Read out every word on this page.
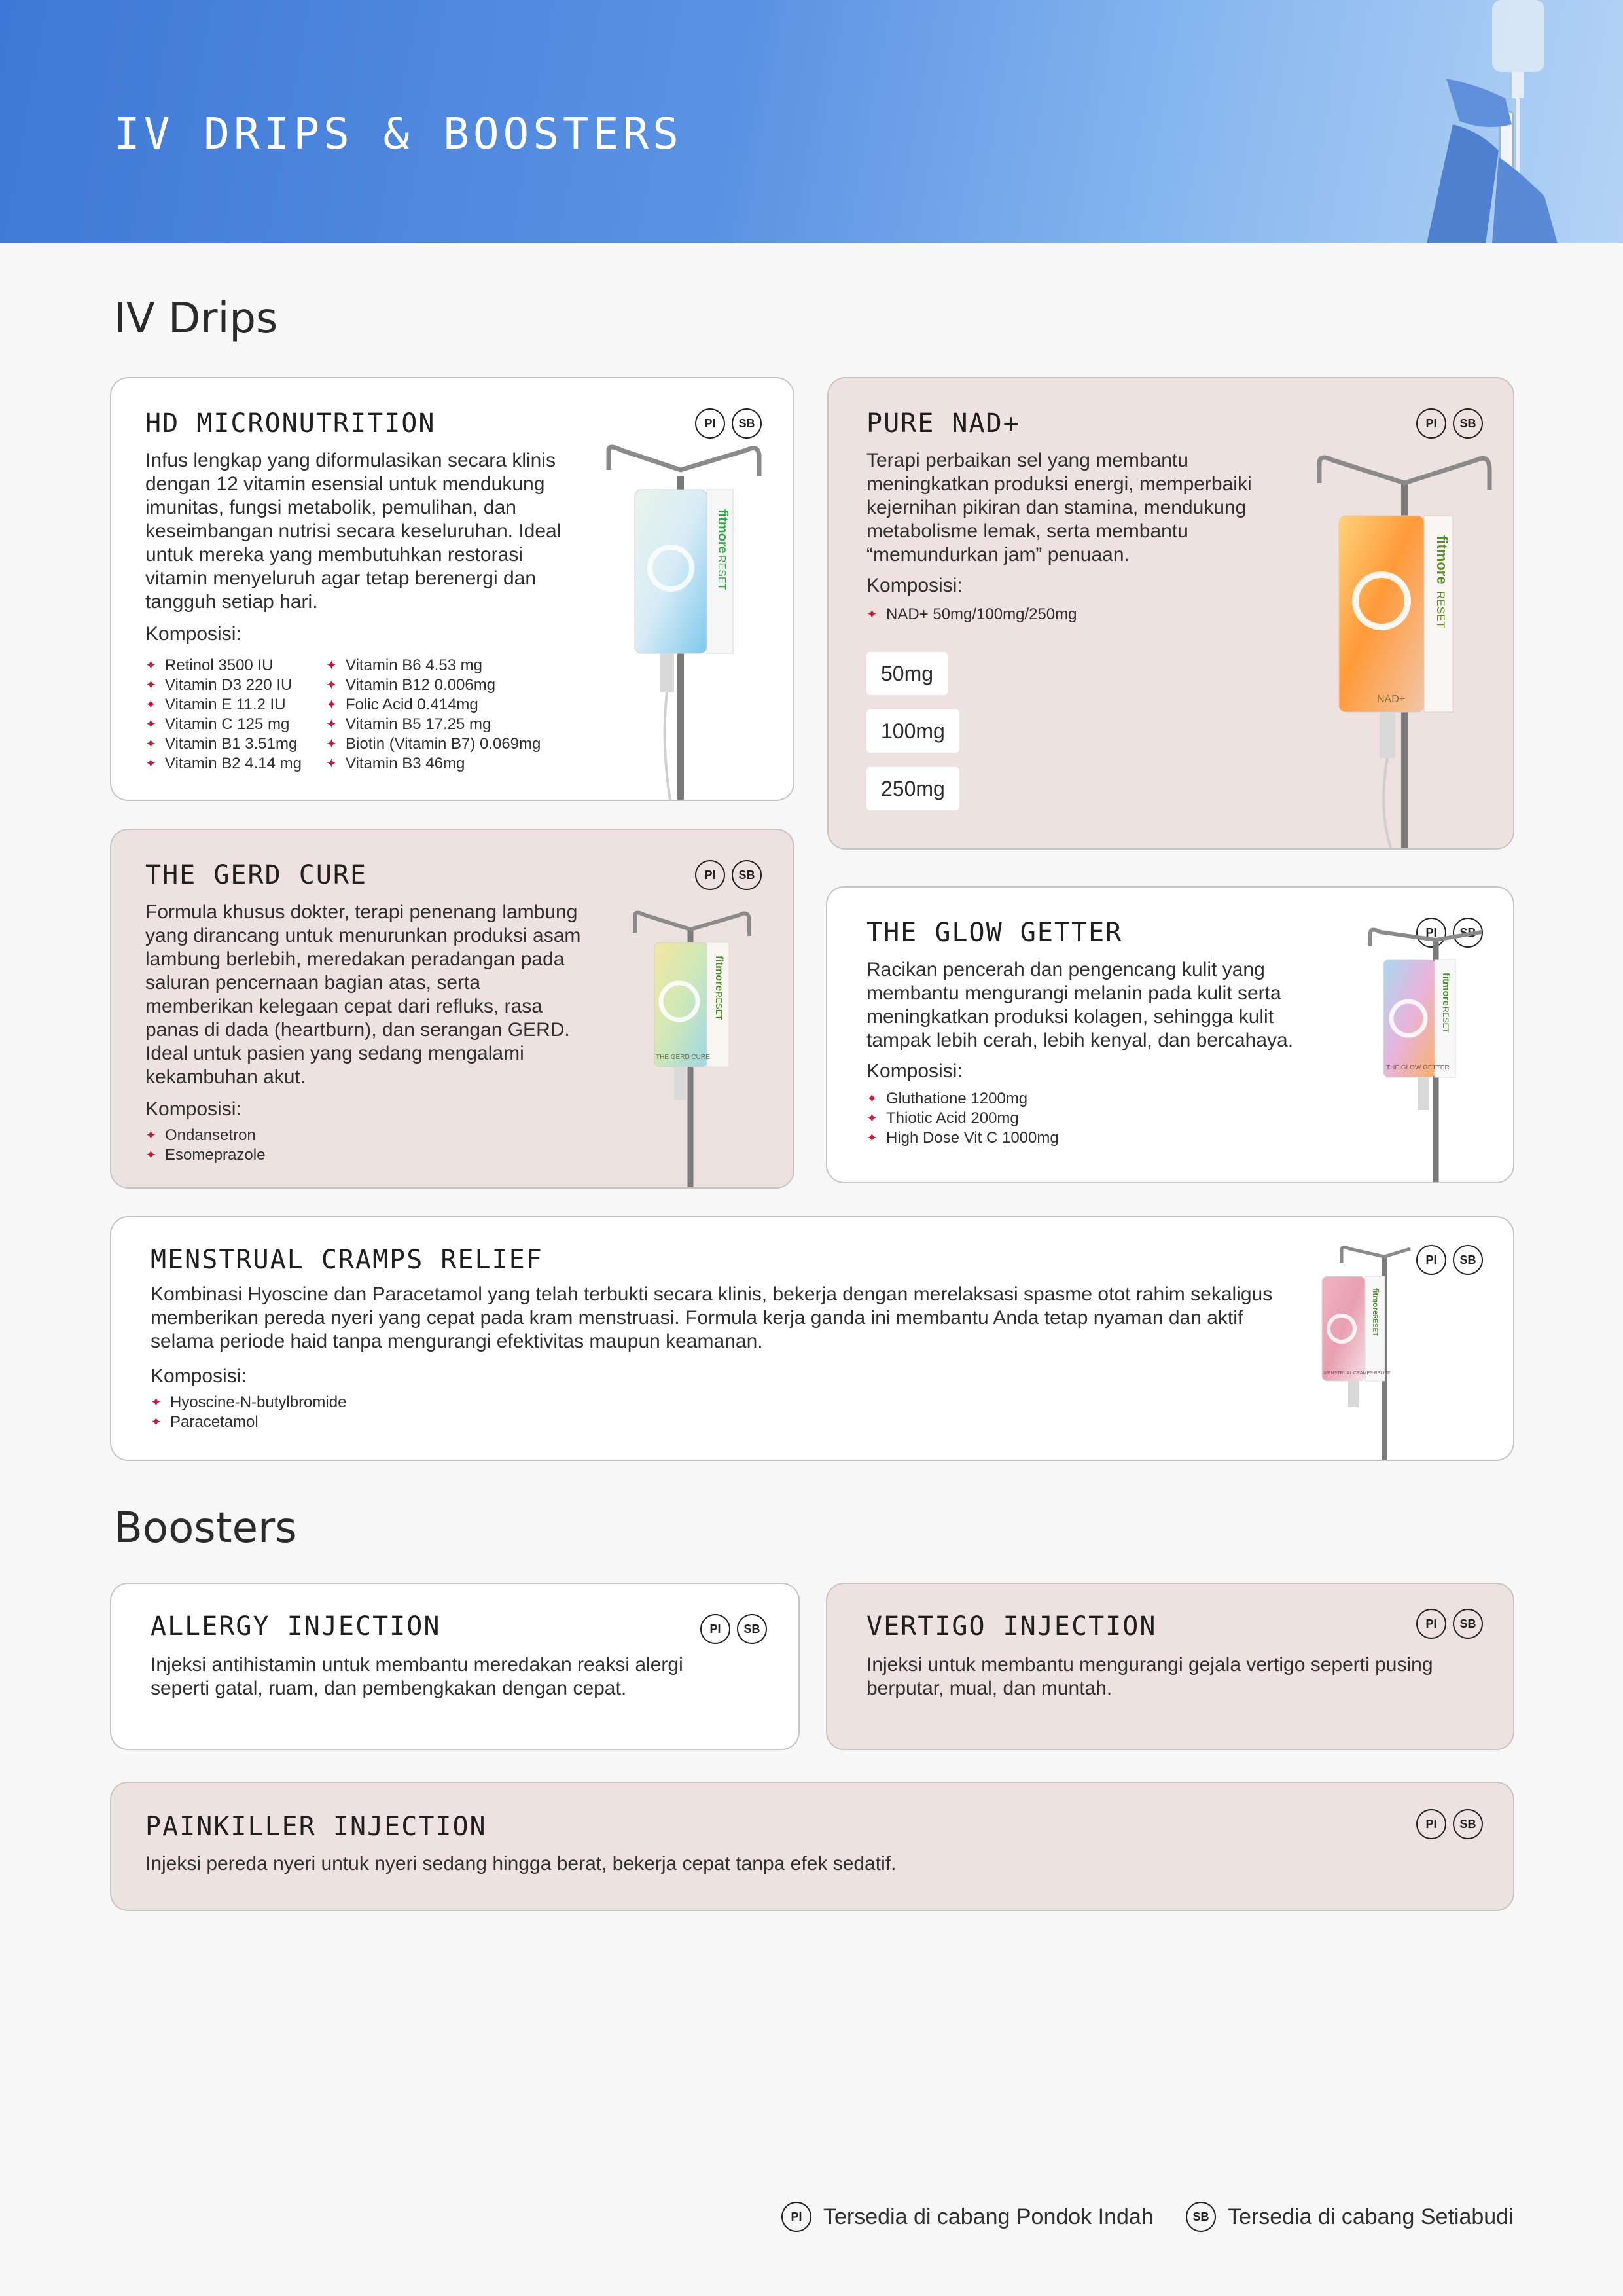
IV DRIPS & BOOSTERS
IV Drips
HD MICRONUTRITION	PI	SB
Infus lengkap yang diformulasikan secara klinis dengan 12 vitamin esensial untuk mendukung imunitas, fungsi metabolik, pemulihan, dan keseimbangan nutrisi secara keseluruhan. Ideal untuk mereka yang membutuhkan restorasi vitamin menyeluruh agar tetap berenergi dan tangguh setiap hari.
Komposisi:
✦ Retinol 3500 IU
✦ Vitamin D3 220 IU
✦ Vitamin E 11.2 IU
✦ Vitamin C 125 mg
✦ Vitamin B1 3.51mg
✦ Vitamin B2 4.14 mg
✦ Vitamin B6 4.53 mg
✦ Vitamin B12 0.006mg
✦ Folic Acid 0.414mg
✦ Vitamin B5 17.25 mg
✦ Biotin (Vitamin B7) 0.069mg
✦ Vitamin B3 46mg
fitmore
RESET
PURE NAD+	PI	SB
Terapi perbaikan sel yang membantu meningkatkan produksi energi, memperbaiki kejernihan pikiran dan stamina, mendukung metabolisme lemak, serta membantu “memundurkan jam” penuaan.
Komposisi:
✦ NAD+ 50mg/100mg/250mg
50mg
100mg
250mg
fitmore
RESET
NAD+
THE GERD CURE	PI	SB
Formula khusus dokter, terapi penenang lambung yang dirancang untuk menurunkan produksi asam lambung berlebih, meredakan peradangan pada saluran pencernaan bagian atas, serta memberikan kelegaan cepat dari refluks, rasa panas di dada (heartburn), dan serangan GERD. Ideal untuk pasien yang sedang mengalami kekambuhan akut.
Komposisi:
✦ Ondansetron
✦ Esomeprazole
fitmore
RESET
THE GERD CURE
THE GLOW GETTER	PI	SB
Racikan pencerah dan pengencang kulit yang membantu mengurangi melanin pada kulit serta meningkatkan produksi kolagen, sehingga kulit tampak lebih cerah, lebih kenyal, dan bercahaya.
Komposisi:
✦ Gluthatione 1200mg
✦ Thiotic Acid 200mg
✦ High Dose Vit C 1000mg
fitmore
RESET
THE GLOW GETTER
MENSTRUAL CRAMPS RELIEF	PI	SB
Kombinasi Hyoscine dan Paracetamol yang telah terbukti secara klinis, bekerja dengan merelaksasi spasme otot rahim sekaligus memberikan pereda nyeri yang cepat pada kram menstruasi. Formula kerja ganda ini membantu Anda tetap nyaman dan aktif selama periode haid tanpa mengurangi efektivitas maupun keamanan.
Komposisi:
✦ Hyoscine-N-butylbromide
✦ Paracetamol
fitmore
RESET
MENSTRUAL CRAMPS RELIEF
Boosters
ALLERGY INJECTION	PI	SB
Injeksi antihistamin untuk membantu meredakan reaksi alergi seperti gatal, ruam, dan pembengkakan dengan cepat.
VERTIGO INJECTION	PI	SB
Injeksi untuk membantu mengurangi gejala vertigo seperti pusing berputar, mual, dan muntah.
PAINKILLER INJECTION	PI	SB
Injeksi pereda nyeri untuk nyeri sedang hingga berat, bekerja cepat tanpa efek sedatif.
PI Tersedia di cabang Pondok Indah	SB Tersedia di cabang Setiabudi
